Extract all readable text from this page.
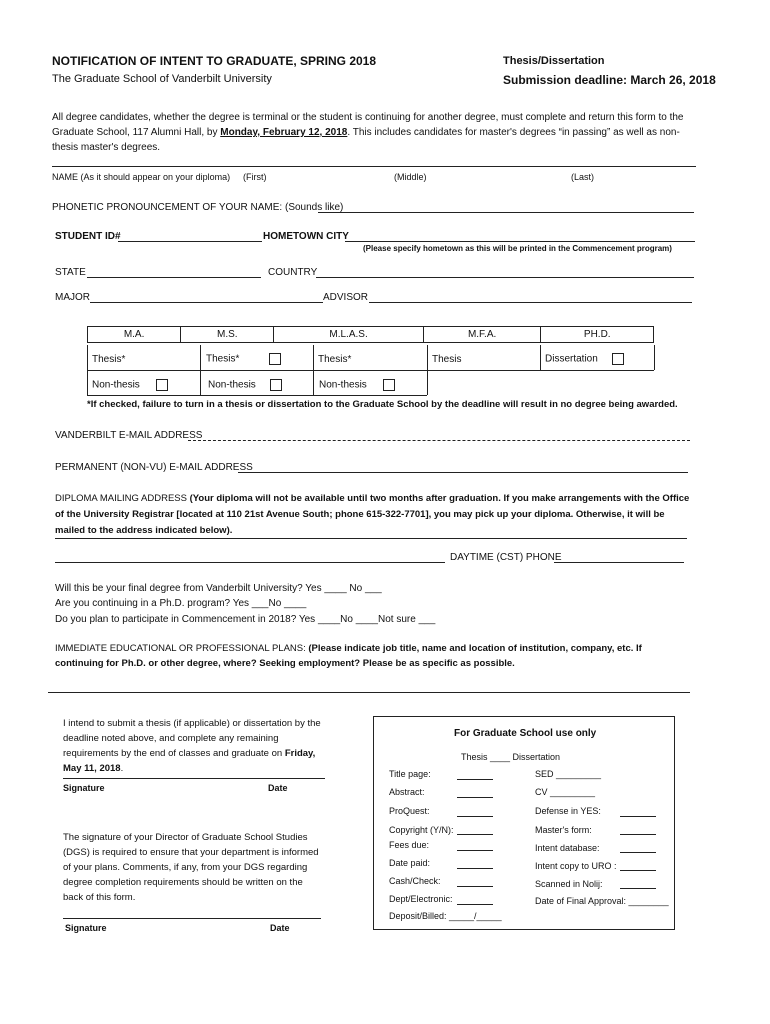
NOTIFICATION OF INTENT TO GRADUATE, SPRING 2018
The Graduate School of Vanderbilt University
Thesis/Dissertation
Submission deadline: March 26, 2018
All degree candidates, whether the degree is terminal or the student is continuing for another degree, must complete and return this form to the Graduate School, 117 Alumni Hall, by Monday, February 12, 2018. This includes candidates for master's degrees “in passing” as well as non-thesis master's degrees.
NAME (As it should appear on your diploma) (First)	(Middle)	(Last)
PHONETIC PRONOUNCEMENT OF YOUR NAME: (Sounds like)
STUDENT ID#	HOMETOWN CITY
(Please specify hometown as this will be printed in the Commencement program)
STATE	COUNTRY
MAJOR	ADVISOR
M.A.	M.S.	M.L.A.S.	M.F.A.	PH.D.
Thesis*	Thesis*	Thesis*	Thesis	Dissertation
Non-thesis	Non-thesis	Non-thesis
*If checked, failure to turn in a thesis or dissertation to the Graduate School by the deadline will result in no degree being awarded.
VANDERBILT E-MAIL ADDRESS
PERMANENT (NON-VU) E-MAIL ADDRESS
DIPLOMA MAILING ADDRESS (Your diploma will not be available until two months after graduation. If you make arrangements with the Office of the University Registrar [located at 110 21st Avenue South; phone 615-322-7701], you may pick up your diploma. Otherwise, it will be mailed to the address indicated below).
DAYTIME (CST) PHONE
Will this be your final degree from Vanderbilt University? Yes ____ No ___
Are you continuing in a Ph.D. program? Yes ___No ____
Do you plan to participate in Commencement in 2018? Yes ____No ____Not sure ___
IMMEDIATE EDUCATIONAL OR PROFESSIONAL PLANS: (Please indicate job title, name and location of institution, company, etc. If continuing for Ph.D. or other degree, where? Seeking employment? Please be as specific as possible.
I intend to submit a thesis (if applicable) or dissertation by the deadline noted above, and complete any remaining requirements by the end of classes and graduate on Friday, May 11, 2018.
Signature	Date
The signature of your Director of Graduate School Studies (DGS) is required to ensure that your department is informed of your plans. Comments, if any, from your DGS regarding degree completion requirements should be written on the back of this form.
Signature	Date
For Graduate School use only
Thesis ____ Dissertation
Title page:
Abstract:
ProQuest:
Copyright (Y/N):
Fees due:
Date paid:
Cash/Check:
Dept/Electronic:
Deposit/Billed: _____/_____
SED _________
CV _________
Defense in YES:
Master's form:
Intent database:
Intent copy to URO :
Scanned in Nolij:
Date of Final Approval: ________
